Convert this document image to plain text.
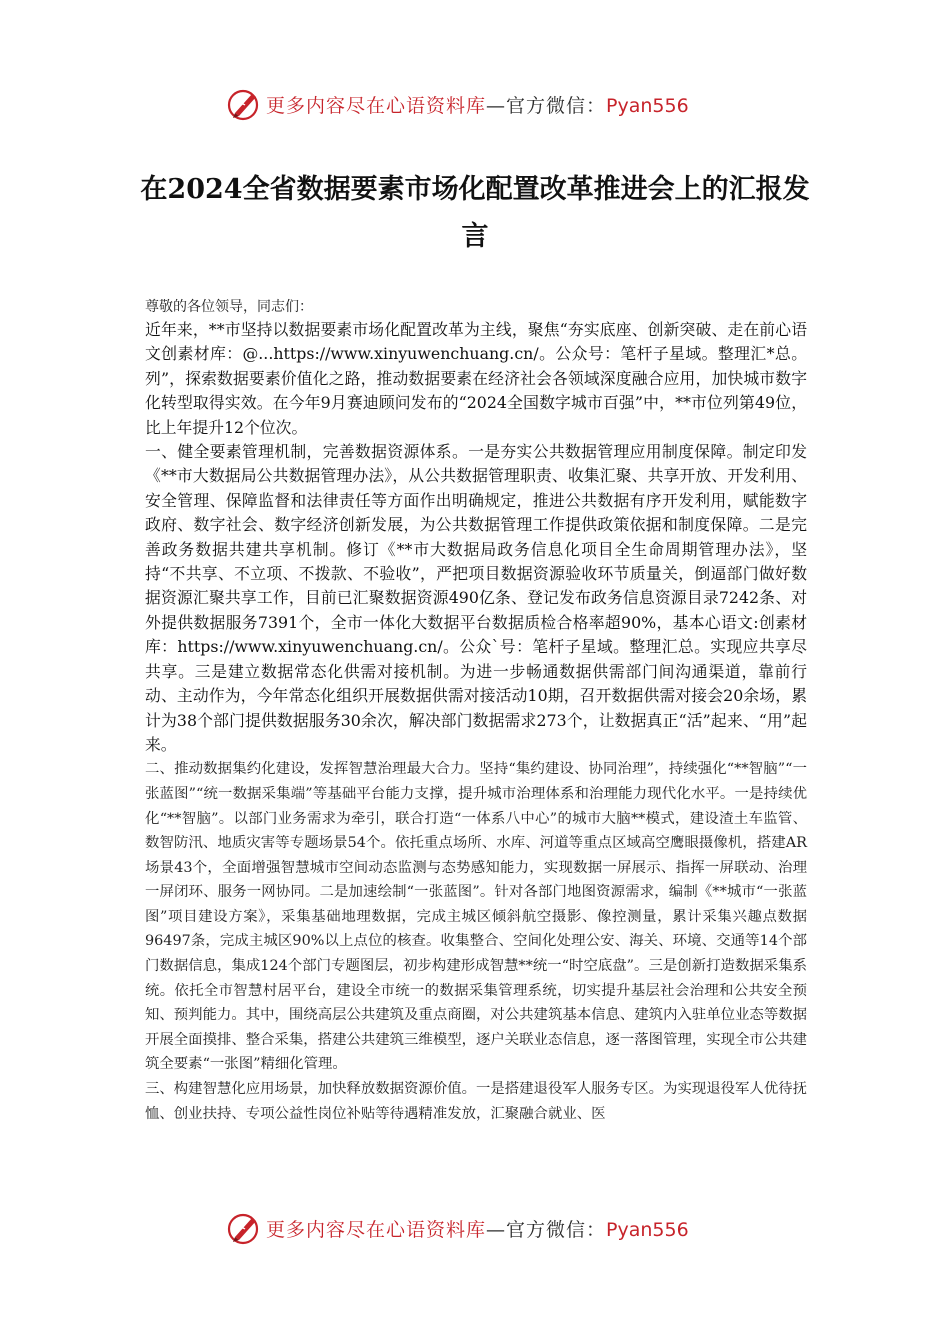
更多内容尽在心语资料库—官方微信：Pyan556
在2024全省数据要素市场化配置改革推进会上的汇报发言

尊敬的各位领导，同志们：

近年来，**市坚持以数据要素市场化配置改革为主线，聚焦“夯实底座、创新突破、走在前心语文创素材库：@...https://www.xinyuwenchuang.cn/。公众号：笔杆子星域。整理汇*总。列”，探索数据要素价值化之路，推动数据要素在经济社会各领域深度融合应用，加快城市数字化转型取得实效。在今年9月赛迪顾问发布的“2024全国数字城市百强”中，**市位列第49位，比上年提升12个位次。

一、健全要素管理机制，完善数据资源体系。一是夯实公共数据管理应用制度保障。制定印发《**市大数据局公共数据管理办法》，从公共数据管理职责、收集汇聚、共享开放、开发利用、安全管理、保障监督和法律责任等方面作出明确规定，推进公共数据有序开发利用，赋能数字政府、数字社会、数字经济创新发展，为公共数据管理工作提供政策依据和制度保障。二是完善政务数据共建共享机制。修订《**市大数据局政务信息化项目全生命周期管理办法》，坚持“不共享、不立项、不拨款、不验收”，严把项目数据资源验收环节质量关，倒逼部门做好数据资源汇聚共享工作，目前已汇聚数据资源490亿条、登记发布政务信息资源目录7242条、对外提供数据服务7391个，全市一体化大数据平台数据质检合格率超90%，基本心语文:创素材库：https://www.xinyuwenchuang.cn/。公众`号：笔杆子星域。整理汇总。实现应共享尽共享。三是建立数据常态化供需对接机制。为进一步畅通数据供需部门间沟通渠道，靠前行动、主动作为，今年常态化组织开展数据供需对接活动10期，召开数据供需对接会20余场，累计为38个部门提供数据服务30余次，解决部门数据需求273个，让数据真正“活”起来、“用”起来。

二、推动数据集约化建设，发挥智慧治理最大合力。坚持“集约建设、协同治理”，持续强化“**智脑”“一张蓝图”“统一数据采集端”等基础平台能力支撑，提升城市治理体系和治理能力现代化水平。一是持续优化“**智脑”。以部门业务需求为牵引，联合打造“一体系八中心”的城市大脑**模式，建设渣土车监管、数智防汛、地质灾害等专题场景54个。依托重点场所、水库、河道等重点区域高空鹰眼摄像机，搭建AR场景43个，全面增强智慧城市空间动态监测与态势感知能力，实现数据一屏展示、指挥一屏联动、治理一屏闭环、服务一网协同。二是加速绘制“一张蓝图”。针对各部门地图资源需求，编制《**城市“一张蓝图”项目建设方案》，采集基础地理数据，完成主城区倾斜航空摄影、像控测量，累计采集兴趣点数据96497条，完成主城区90%以上点位的核查。收集整合、空间化处理公安、海关、环境、交通等14个部门数据信息，集成124个部门专题图层，初步构建形成智慧**统一“时空底盘”。三是创新打造数据采集系统。依托全市智慧村居平台，建设全市统一的数据采集管理系统，切实提升基层社会治理和公共安全预知、预判能力。其中，围绕高层公共建筑及重点商圈，对公共建筑基本信息、建筑内入驻单位业态等数据开展全面摸排、整合采集，搭建公共建筑三维模型，逐户关联业态信息，逐一落图管理，实现全市公共建筑全要素“一张图”精细化管理。

三、构建智慧化应用场景，加快释放数据资源价值。一是搭建退役军人服务专区。为实现退役军人优待抚恤、创业扶持、专项公益性岗位补贴等待遇精准发放，汇聚融合就业、医

更多内容尽在心语资料库—官方微信：Pyan556
